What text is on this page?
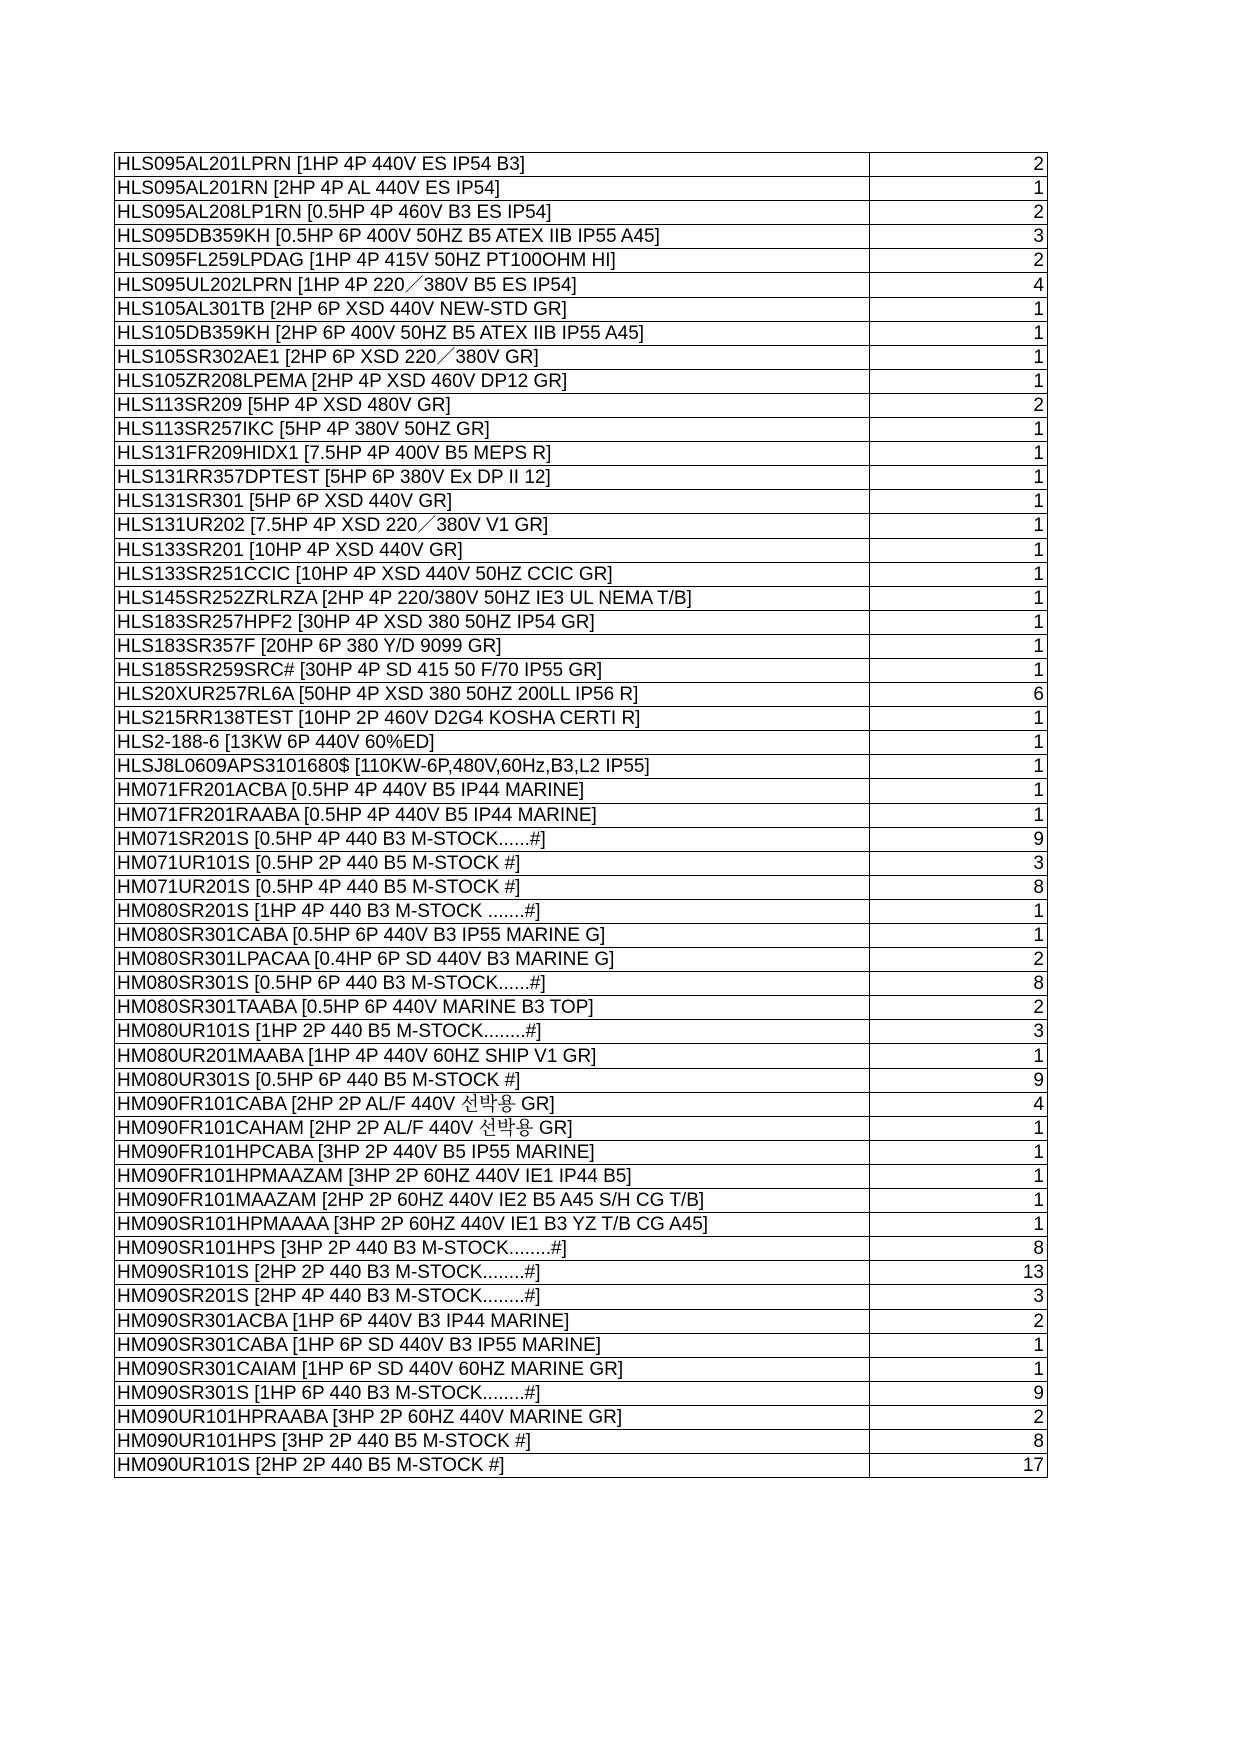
HLS095AL201LPRN [1HP 4P 440V ES IP54 B3]	2
HLS095AL201RN [2HP 4P AL 440V ES IP54]	1
HLS095AL208LP1RN [0.5HP 4P 460V B3 ES IP54]	2
HLS095DB359KH [0.5HP 6P 400V 50HZ B5 ATEX IIB IP55 A45]	3
HLS095FL259LPDAG [1HP 4P 415V 50HZ PT100OHM HI]	2
HLS095UL202LPRN [1HP 4P 220／380V B5 ES IP54]	4
HLS105AL301TB [2HP 6P XSD 440V NEW-STD GR]	1
HLS105DB359KH [2HP 6P 400V 50HZ B5 ATEX IIB IP55 A45]	1
HLS105SR302AE1 [2HP 6P XSD 220／380V GR]	1
HLS105ZR208LPEMA [2HP 4P XSD 460V DP12 GR]	1
HLS113SR209 [5HP 4P XSD 480V GR]	2
HLS113SR257IKC [5HP 4P 380V 50HZ GR]	1
HLS131FR209HIDX1 [7.5HP 4P 400V B5 MEPS R]	1
HLS131RR357DPTEST [5HP 6P 380V Ex DP II 12]	1
HLS131SR301 [5HP 6P XSD 440V GR]	1
HLS131UR202 [7.5HP 4P XSD 220／380V V1 GR]	1
HLS133SR201 [10HP 4P XSD 440V GR]	1
HLS133SR251CCIC [10HP 4P XSD 440V 50HZ CCIC GR]	1
HLS145SR252ZRLRZA [2HP 4P 220/380V 50HZ IE3 UL NEMA T/B]	1
HLS183SR257HPF2 [30HP 4P XSD 380 50HZ IP54 GR]	1
HLS183SR357F [20HP 6P 380 Y/D 9099 GR]	1
HLS185SR259SRC# [30HP 4P SD 415 50 F/70 IP55 GR]	1
HLS20XUR257RL6A [50HP 4P XSD 380 50HZ 200LL IP56 R]	6
HLS215RR138TEST [10HP 2P 460V D2G4 KOSHA CERTI R]	1
HLS2-188-6 [13KW 6P 440V 60%ED]	1
HLSJ8L0609APS3101680$ [110KW-6P,480V,60Hz,B3,L2 IP55]	1
HM071FR201ACBA [0.5HP 4P 440V B5 IP44 MARINE]	1
HM071FR201RAABA [0.5HP 4P 440V B5 IP44 MARINE]	1
HM071SR201S [0.5HP 4P 440 B3 M-STOCK......#]	9
HM071UR101S [0.5HP 2P 440 B5 M-STOCK #]	3
HM071UR201S [0.5HP 4P 440 B5 M-STOCK #]	8
HM080SR201S [1HP 4P 440 B3 M-STOCK .......#]	1
HM080SR301CABA [0.5HP 6P 440V B3 IP55 MARINE G]	1
HM080SR301LPACAA [0.4HP 6P SD 440V B3 MARINE G]	2
HM080SR301S [0.5HP 6P 440 B3 M-STOCK......#]	8
HM080SR301TAABA [0.5HP 6P 440V MARINE B3 TOP]	2
HM080UR101S [1HP 2P 440 B5 M-STOCK........#]	3
HM080UR201MAABA [1HP 4P 440V 60HZ SHIP V1 GR]	1
HM080UR301S [0.5HP 6P 440 B5 M-STOCK #]	9
HM090FR101CABA [2HP 2P AL/F 440V 선박용 GR]	4
HM090FR101CAHAM [2HP 2P AL/F 440V 선박용 GR]	1
HM090FR101HPCABA [3HP 2P 440V B5 IP55 MARINE]	1
HM090FR101HPMAAZAM [3HP 2P 60HZ 440V IE1 IP44 B5]	1
HM090FR101MAAZAM [2HP 2P 60HZ 440V IE2 B5 A45 S/H CG T/B]	1
HM090SR101HPMAAAA [3HP 2P 60HZ 440V IE1 B3 YZ T/B CG A45]	1
HM090SR101HPS [3HP 2P 440 B3 M-STOCK........#]	8
HM090SR101S [2HP 2P 440 B3 M-STOCK........#]	13
HM090SR201S [2HP 4P 440 B3 M-STOCK........#]	3
HM090SR301ACBA [1HP 6P 440V B3 IP44 MARINE]	2
HM090SR301CABA [1HP 6P SD 440V B3 IP55 MARINE]	1
HM090SR301CAIAM [1HP 6P SD 440V 60HZ MARINE GR]	1
HM090SR301S [1HP 6P 440 B3 M-STOCK........#]	9
HM090UR101HPRAABA [3HP 2P 60HZ 440V MARINE GR]	2
HM090UR101HPS [3HP 2P 440 B5 M-STOCK #]	8
HM090UR101S [2HP 2P 440 B5 M-STOCK #]	17
